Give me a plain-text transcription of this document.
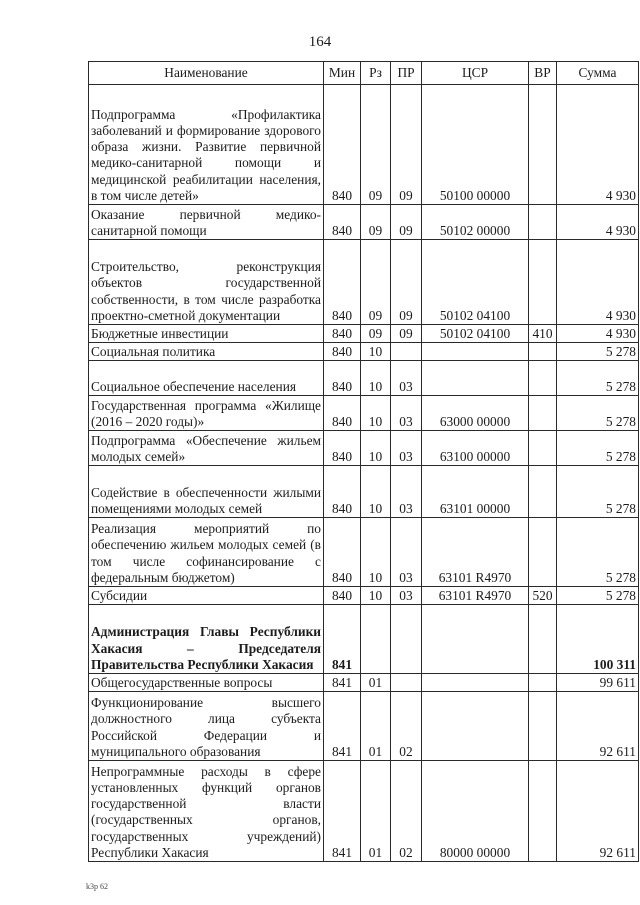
164
Наименование	Мин	Рз	ПР	ЦСР	ВР	Сумма
Подпрограмма «Профилактика заболеваний и формирование здорового образа жизни. Развитие первичной медико-санитарной помощи и медицинской реабилитации населения, в том числе детей»	840	09	09	50100 00000		4 930
Оказание первичной медико-санитарной помощи	840	09	09	50102 00000		4 930
Строительство, реконструкция объектов государственной собственности, в том числе разработка проектно-сметной документации	840	09	09	50102 04100		4 930
Бюджетные инвестиции	840	09	09	50102 04100	410	4 930
Социальная политика	840	10				5 278
Социальное обеспечение населения	840	10	03			5 278
Государственная программа «Жилище (2016 – 2020 годы)»	840	10	03	63000 00000		5 278
Подпрограмма «Обеспечение жильем молодых семей»	840	10	03	63100 00000		5 278
Содействие в обеспеченности жилыми помещениями молодых семей	840	10	03	63101 00000		5 278
Реализация мероприятий по обеспечению жильем молодых семей (в том числе софинансирование с федеральным бюджетом)	840	10	03	63101 R4970		5 278
Субсидии	840	10	03	63101 R4970	520	5 278
Администрация Главы Республики Хакасия – Председателя Правительства Республики Хакасия	841					100 311
Общегосударственные вопросы	841	01				99 611
Функционирование высшего должностного лица субъекта Российской Федерации и муниципального образования	841	01	02			92 611
Непрограммные расходы в сфере установленных функций органов государственной власти (государственных органов, государственных учреждений) Республики Хакасия	841	01	02	80000 00000		92 611
k3p 62
